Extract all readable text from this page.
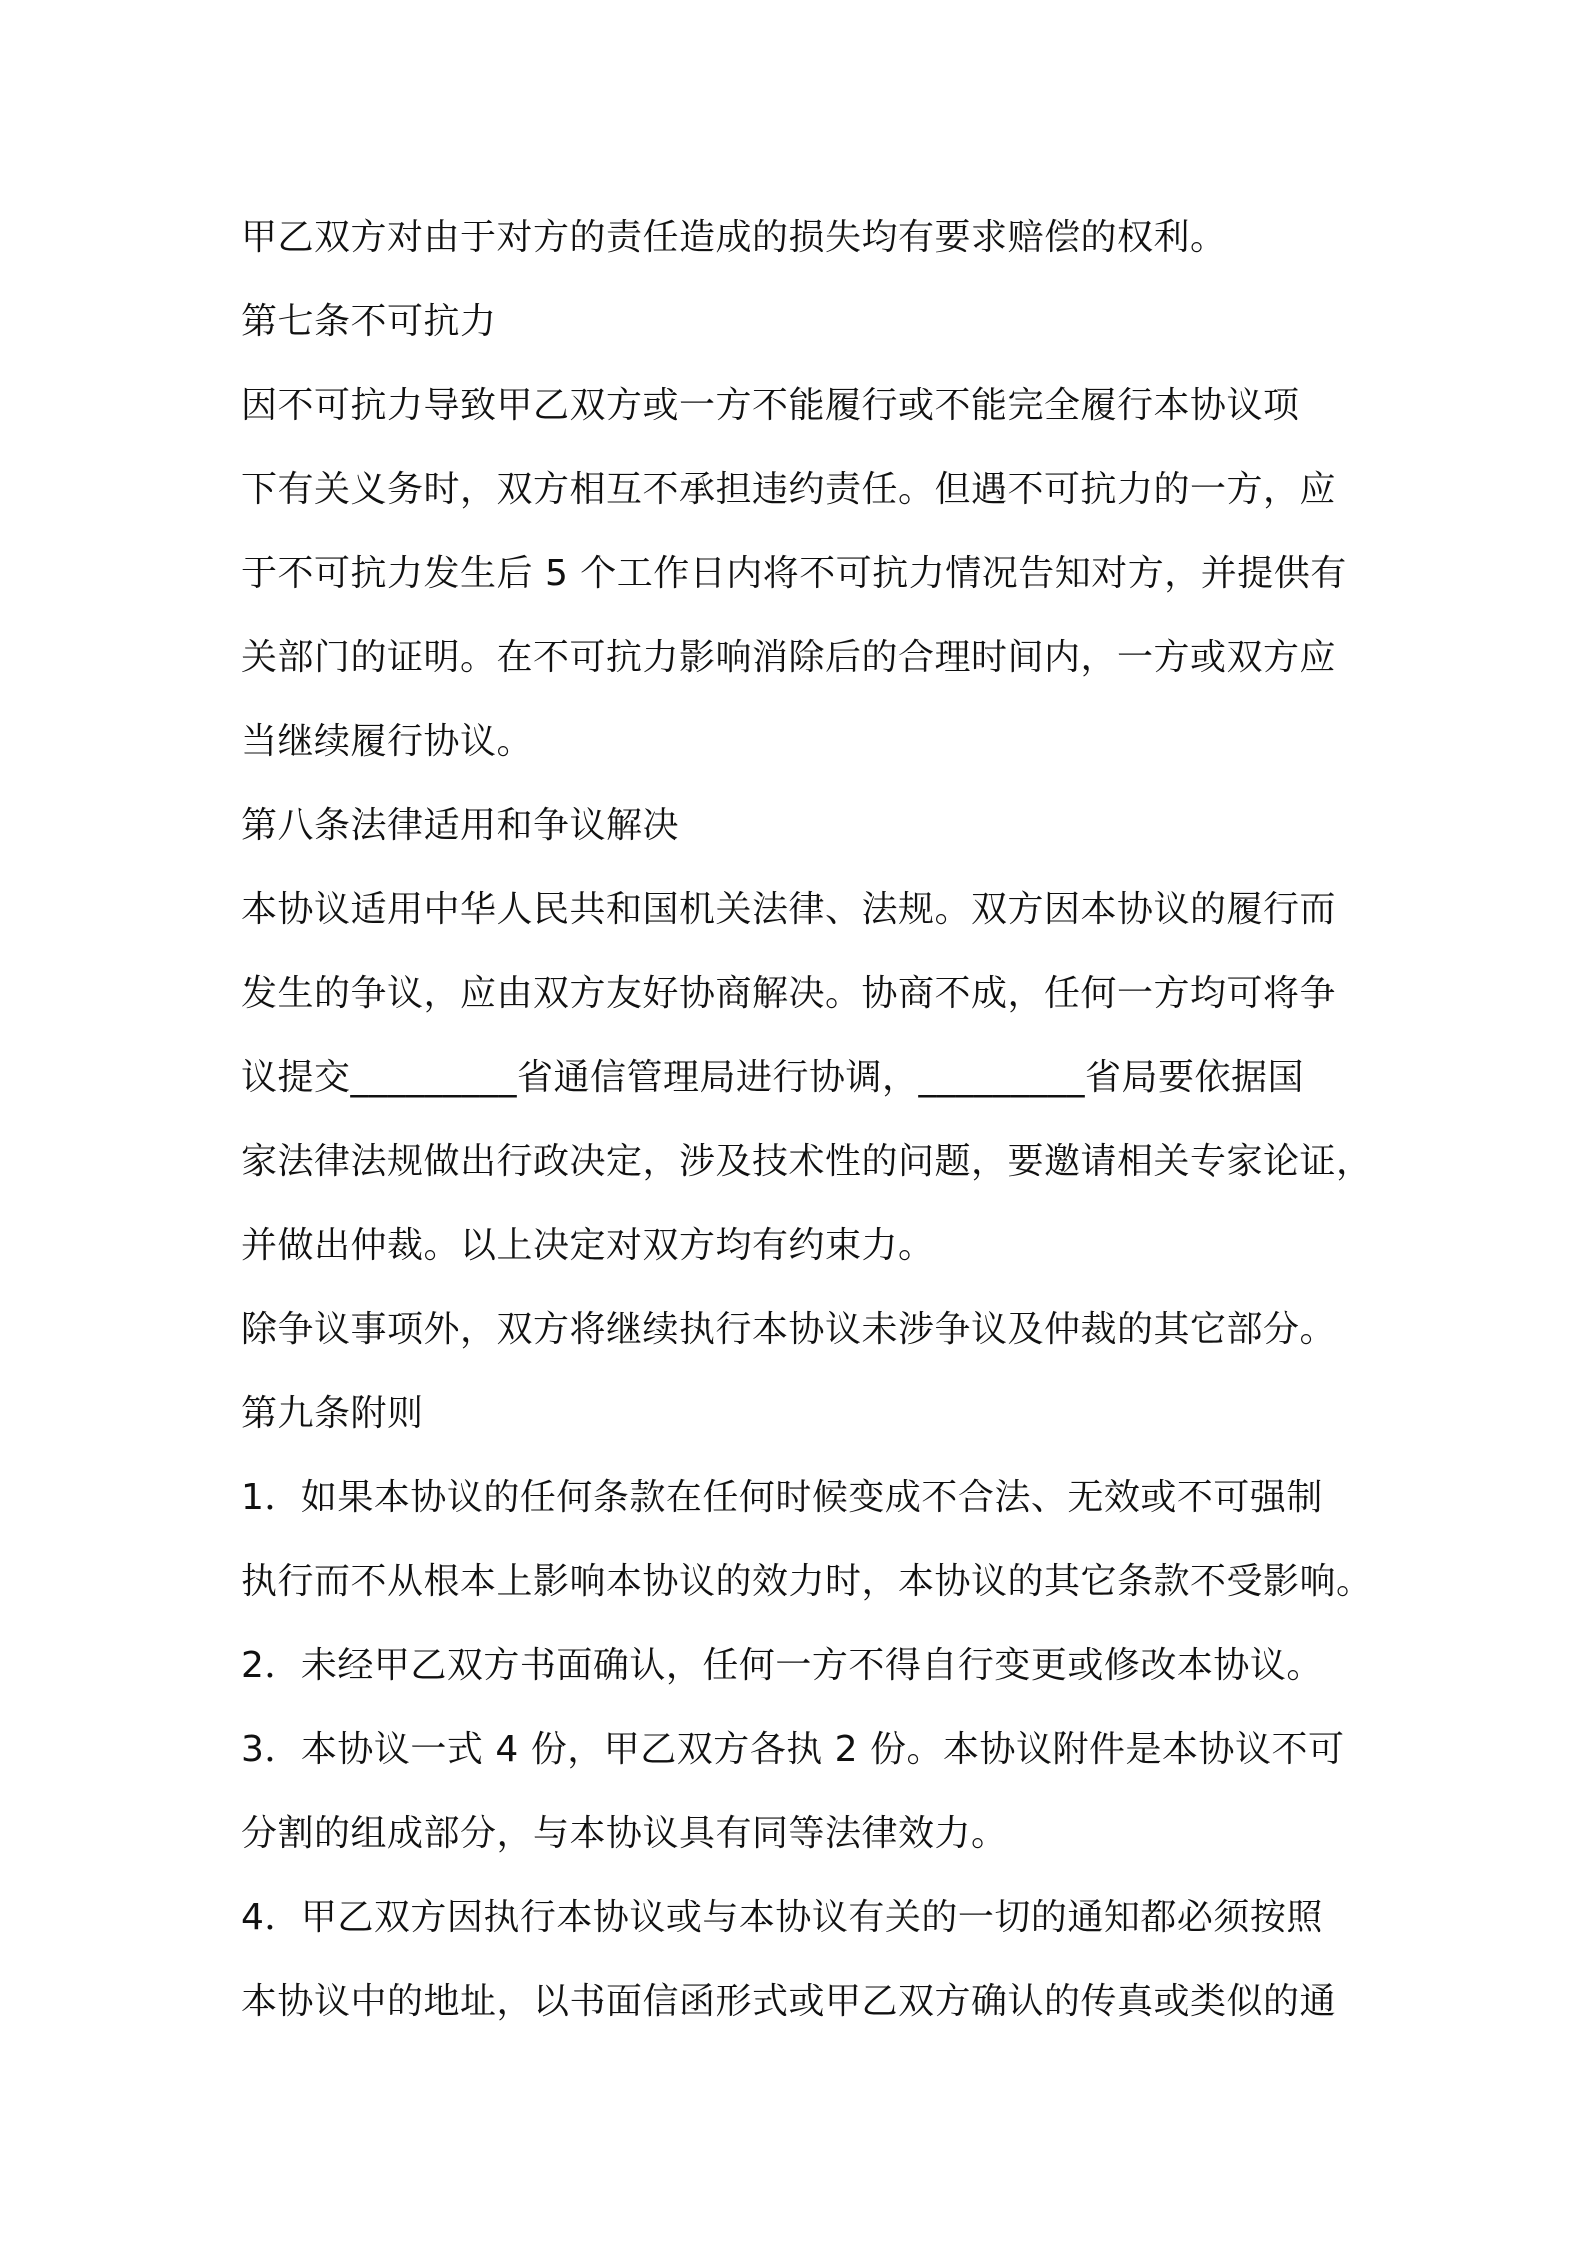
甲乙双方对由于对方的责任造成的损失均有要求赔偿的权利。
第七条不可抗力
因不可抗力导致甲乙双方或一方不能履行或不能完全履行本协议项
下有关义务时，双方相互不承担违约责任。但遇不可抗力的一方，应
于不可抗力发生后 5 个工作日内将不可抗力情况告知对方，并提供有
关部门的证明。在不可抗力影响消除后的合理时间内，一方或双方应
当继续履行协议。
第八条法律适用和争议解决
本协议适用中华人民共和国机关法律、法规。双方因本协议的履行而
发生的争议，应由双方友好协商解决。协商不成，任何一方均可将争
议提交_________省通信管理局进行协调，_________省局要依据国
家法律法规做出行政决定，涉及技术性的问题，要邀请相关专家论证，
并做出仲裁。以上决定对双方均有约束力。
除争议事项外，双方将继续执行本协议未涉争议及仲裁的其它部分。
第九条附则
1．如果本协议的任何条款在任何时候变成不合法、无效或不可强制
执行而不从根本上影响本协议的效力时，本协议的其它条款不受影响。
2．未经甲乙双方书面确认，任何一方不得自行变更或修改本协议。
3．本协议一式 4 份，甲乙双方各执 2 份。本协议附件是本协议不可
分割的组成部分，与本协议具有同等法律效力。
4．甲乙双方因执行本协议或与本协议有关的一切的通知都必须按照
本协议中的地址，以书面信函形式或甲乙双方确认的传真或类似的通
